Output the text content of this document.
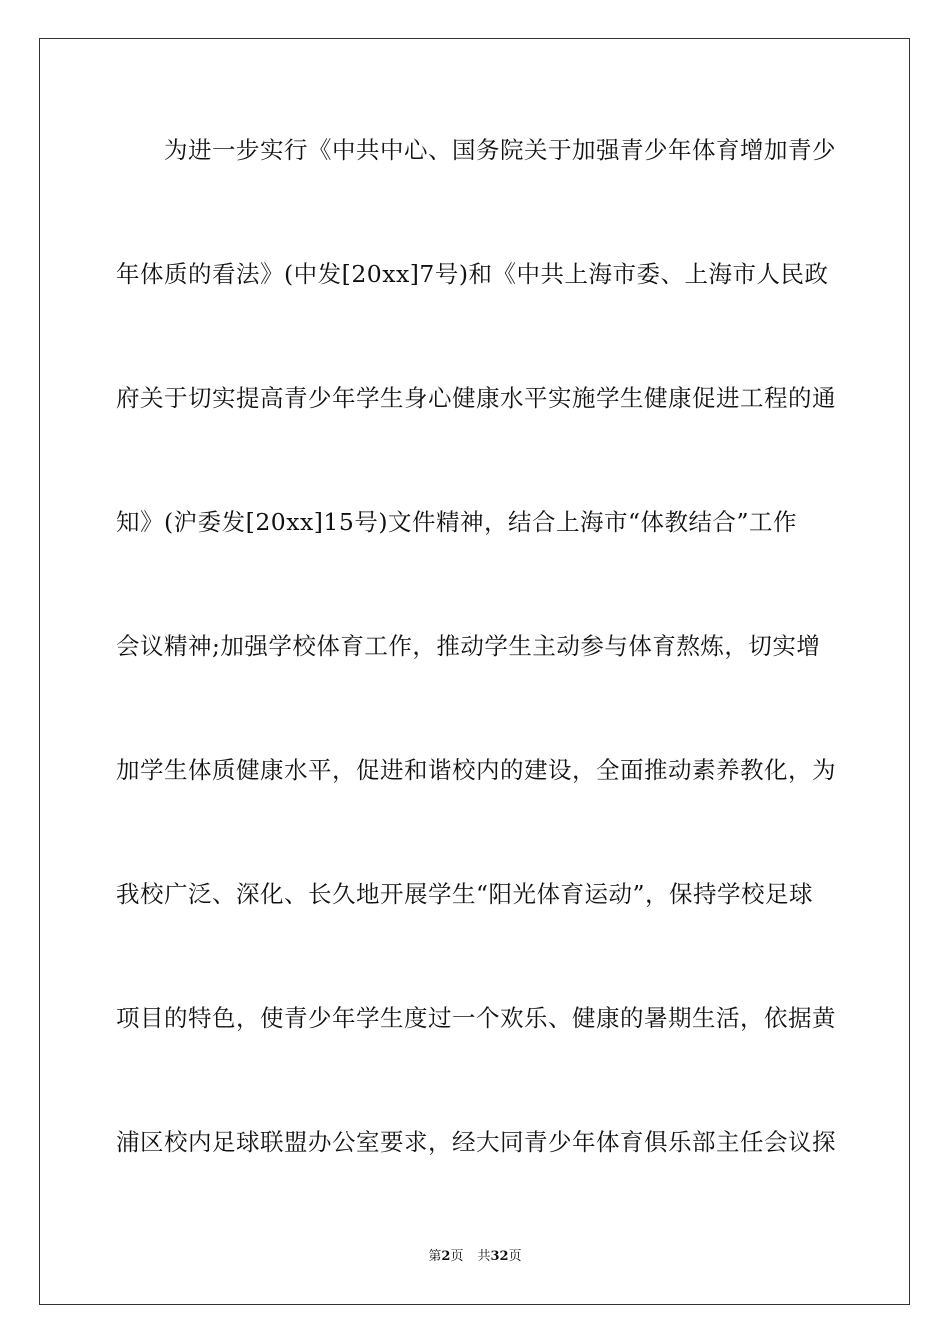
为进一步实行《中共中心、国务院关于加强青少年体育增加青少
年体质的看法》(中发[20xx]7号)和《中共上海市委、上海市人民政
府关于切实提高青少年学生身心健康水平实施学生健康促进工程的通
知》(沪委发[20xx]15号)文件精神，结合上海市“体教结合”工作
会议精神;加强学校体育工作，推动学生主动参与体育熬炼，切实增
加学生体质健康水平，促进和谐校内的建设，全面推动素养教化，为
我校广泛、深化、长久地开展学生“阳光体育运动”，保持学校足球
项目的特色，使青少年学生度过一个欢乐、健康的暑期生活，依据黄
浦区校内足球联盟办公室要求，经大同青少年体育俱乐部主任会议探
第2页 共32页
